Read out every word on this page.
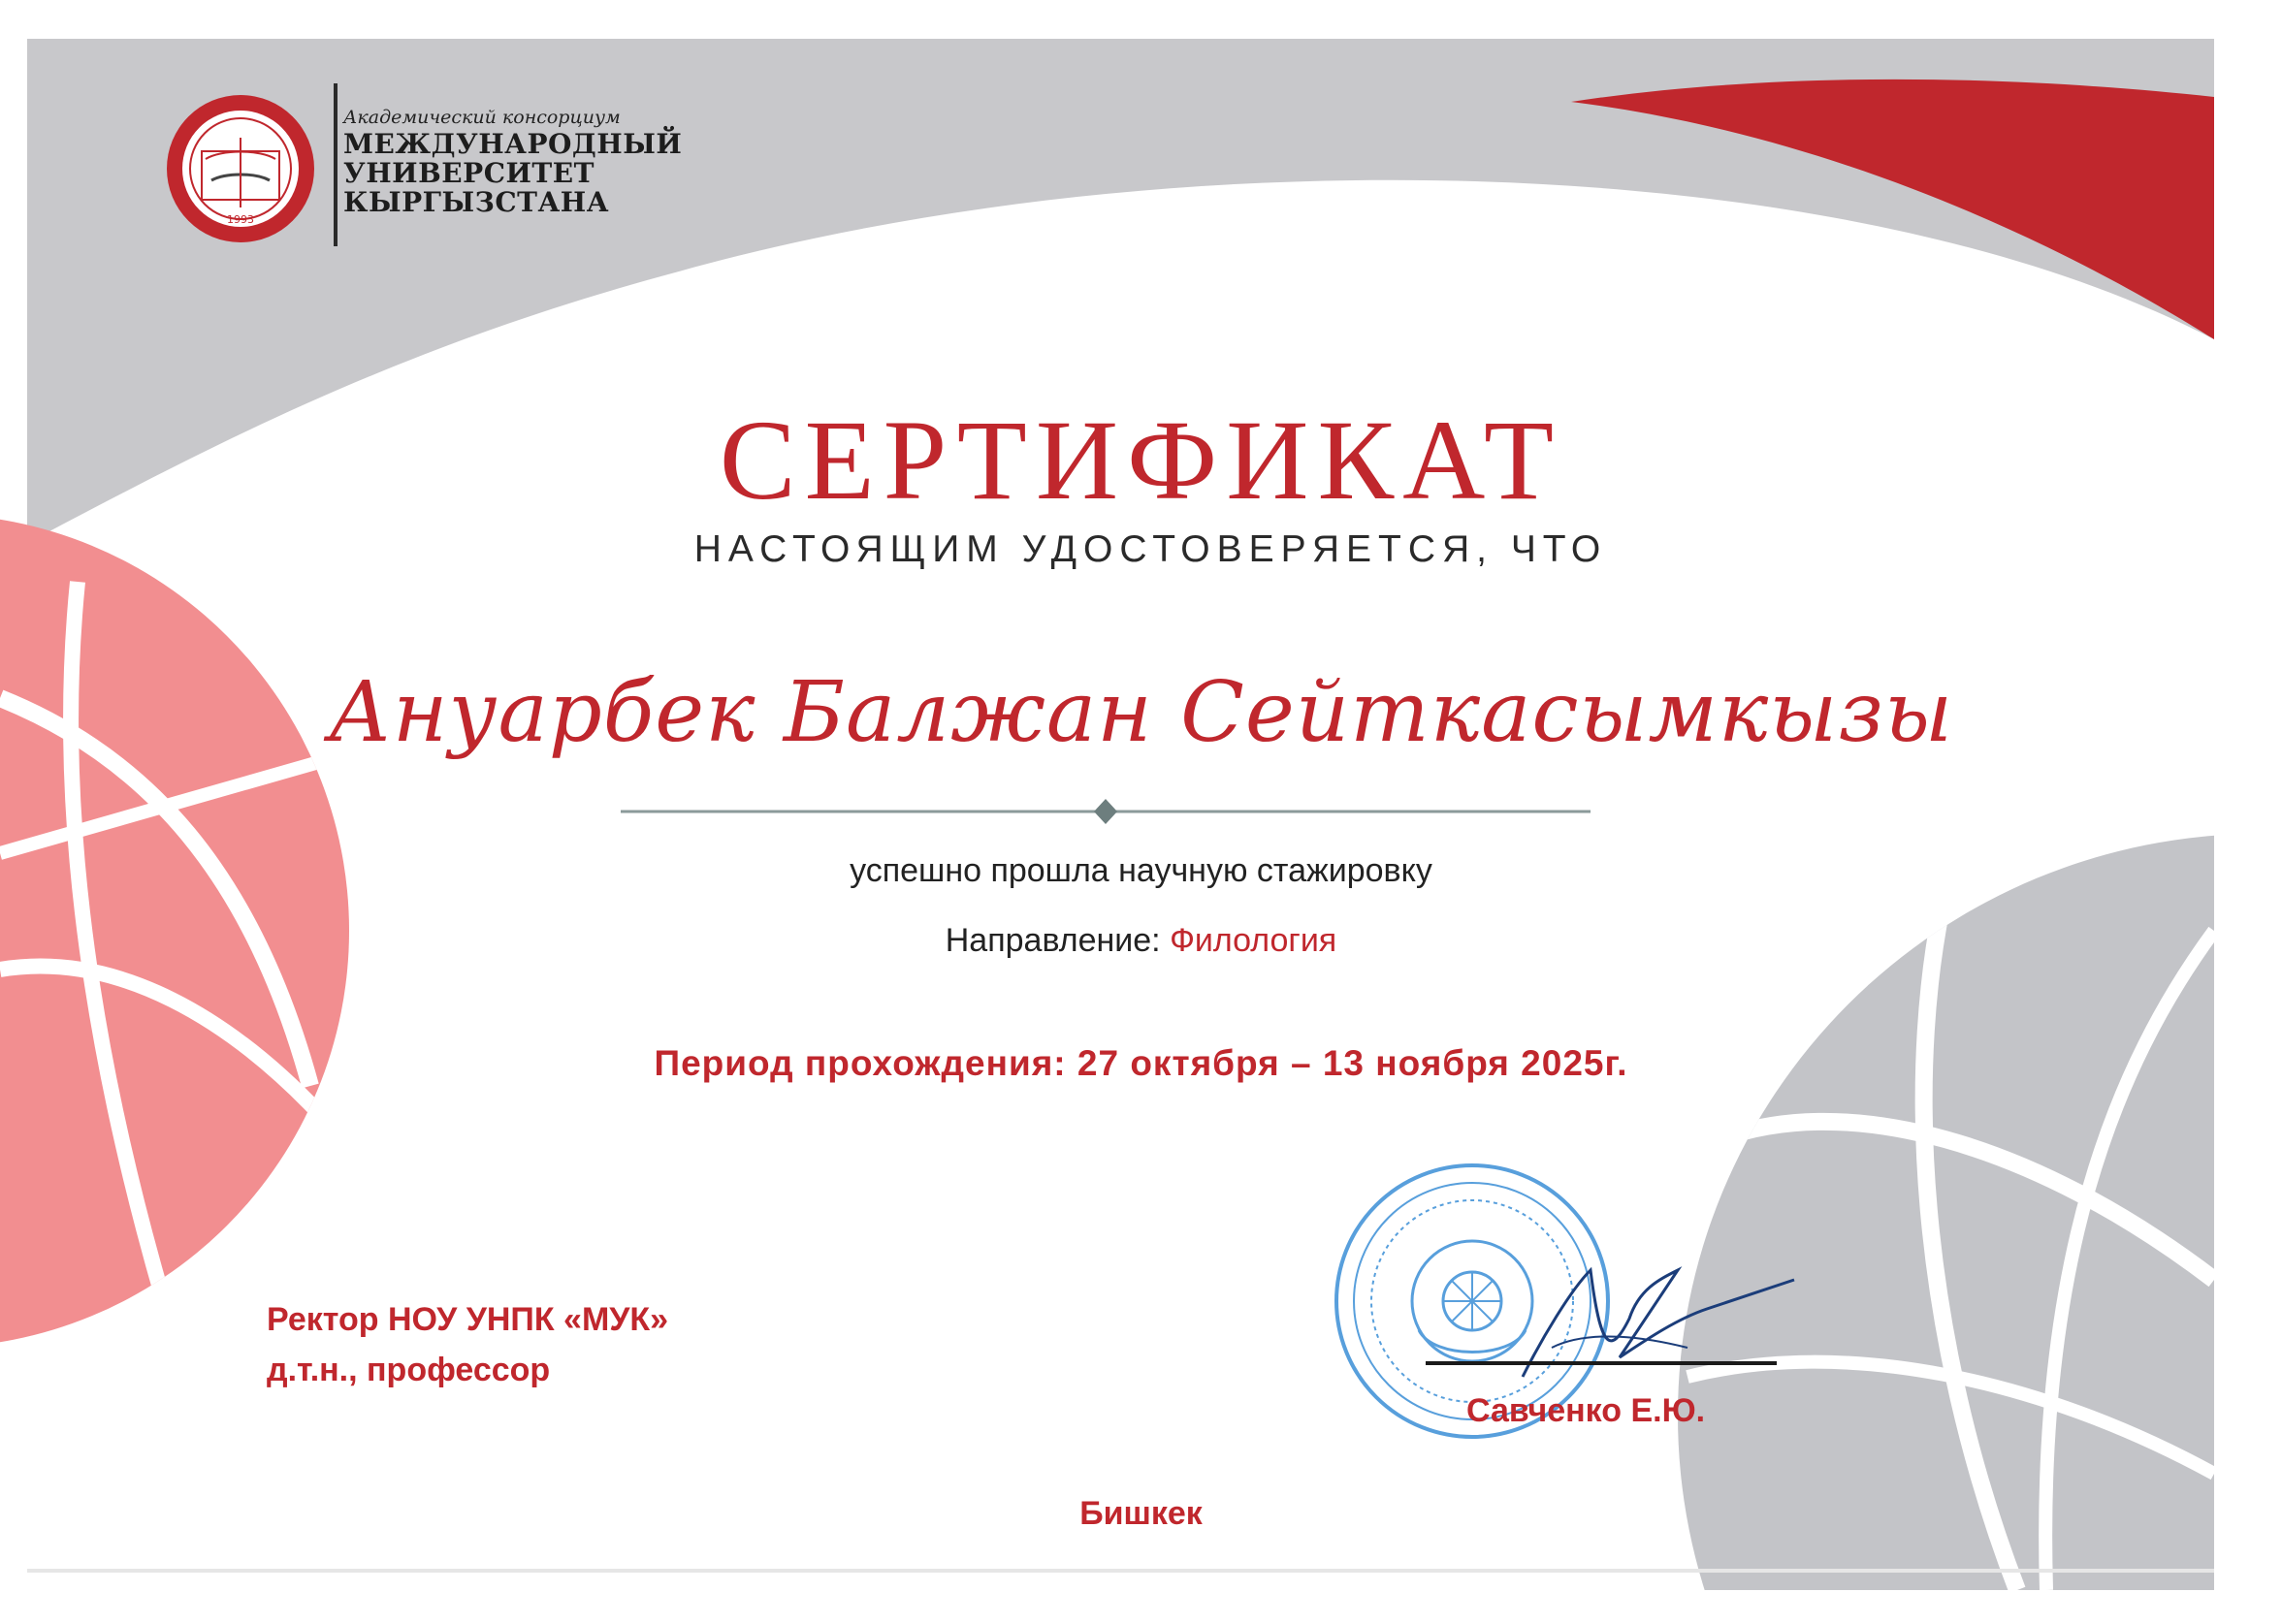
1993
Академический консорциум
МЕЖДУНАРОДНЫЙ
УНИВЕРСИТЕТ
КЫРГЫЗСТАНА
СЕРТИФИКАТ
НАСТОЯЩИМ УДОСТОВЕРЯЕТСЯ, ЧТО
Ануарбек Балжан Сейткасымкызы
успешно прошла научную стажировку
Направление: Филология
Период прохождения: 27 октября – 13 ноября 2025г.
Ректор НОУ УНПК «МУК»
д.т.н., профессор
Савченко Е.Ю.
Бишкек
